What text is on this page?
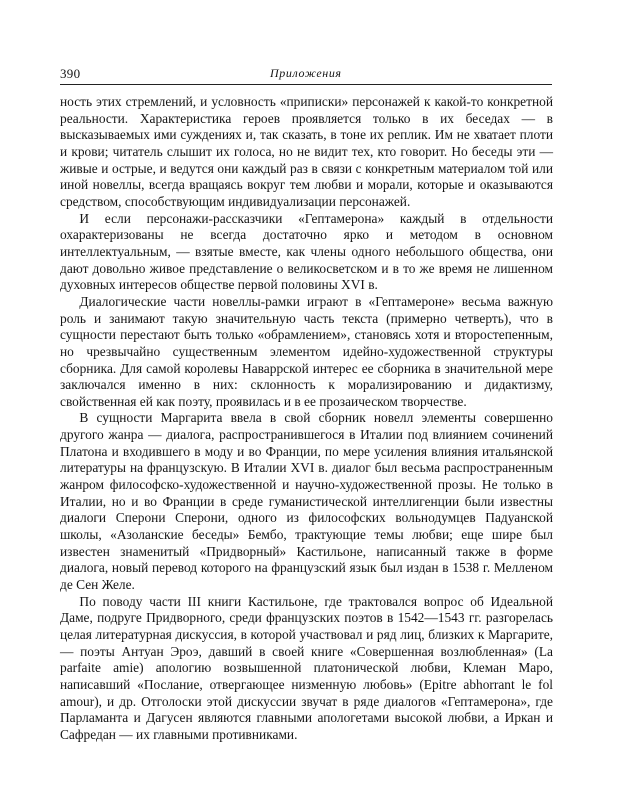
390	Приложения

ность этих стремлений, и условность «приписки» персонажей к какой-то конкретной реальности. Характеристика героев проявляется только в их беседах — в высказываемых ими суждениях и, так сказать, в тоне их реплик. Им не хватает плоти и крови; читатель слышит их голоса, но не видит тех, кто говорит. Но беседы эти — живые и острые, и ведутся они каждый раз в связи с конкретным материалом той или иной новеллы, всегда вращаясь вокруг тем любви и морали, которые и оказываются средством, способствующим индивидуализации персонажей.

И если персонажи-рассказчики «Гептамерона» каждый в отдельности охарактеризованы не всегда достаточно ярко и методом в основном интеллектуальным, — взятые вместе, как члены одного небольшого общества, они дают довольно живое представление о великосветском и в то же время не лишенном духовных интересов обществе первой половины XVI в.

Диалогические части новеллы-рамки играют в «Гептамероне» весьма важную роль и занимают такую значительную часть текста (примерно четверть), что в сущности перестают быть только «обрамлением», становясь хотя и второстепенным, но чрезвычайно существенным элементом идейно-художественной структуры сборника. Для самой королевы Наваррской интерес ее сборника в значительной мере заключался именно в них: склонность к морализированию и дидактизму, свойственная ей как поэту, проявилась и в ее прозаическом творчестве.

В сущности Маргарита ввела в свой сборник новелл элементы совершенно другого жанра — диалога, распространившегося в Италии под влиянием сочинений Платона и входившего в моду и во Франции, по мере усиления влияния итальянской литературы на французскую. В Италии XVI в. диалог был весьма распространенным жанром философско-художественной и научно-художественной прозы. Не только в Италии, но и во Франции в среде гуманистической интеллигенции были известны диалоги Сперони Сперони, одного из философских вольнодумцев Падуанской школы, «Азоланские беседы» Бембо, трактующие темы любви; еще шире был известен знаменитый «Придворный» Кастильоне, написанный также в форме диалога, новый перевод которого на французский язык был издан в 1538 г. Мелленом де Сен Желе.

По поводу части III книги Кастильоне, где трактовался вопрос об Идеальной Даме, подруге Придворного, среди французских поэтов в 1542—1543 гг. разгорелась целая литературная дискуссия, в которой участвовал и ряд лиц, близких к Маргарите, — поэты Антуан Эроэ, давший в своей книге «Совершенная возлюбленная» (La parfaite amie) апологию возвышенной платонической любви, Клеман Маро, написавший «Послание, отвергающее низменную любовь» (Epitre abhorrant le fol amour), и др. Отголоски этой дискуссии звучат в ряде диалогов «Гептамерона», где Парламанта и Дагусен являются главными апологетами высокой любви, а Иркан и Сафредан — их главными противниками.
